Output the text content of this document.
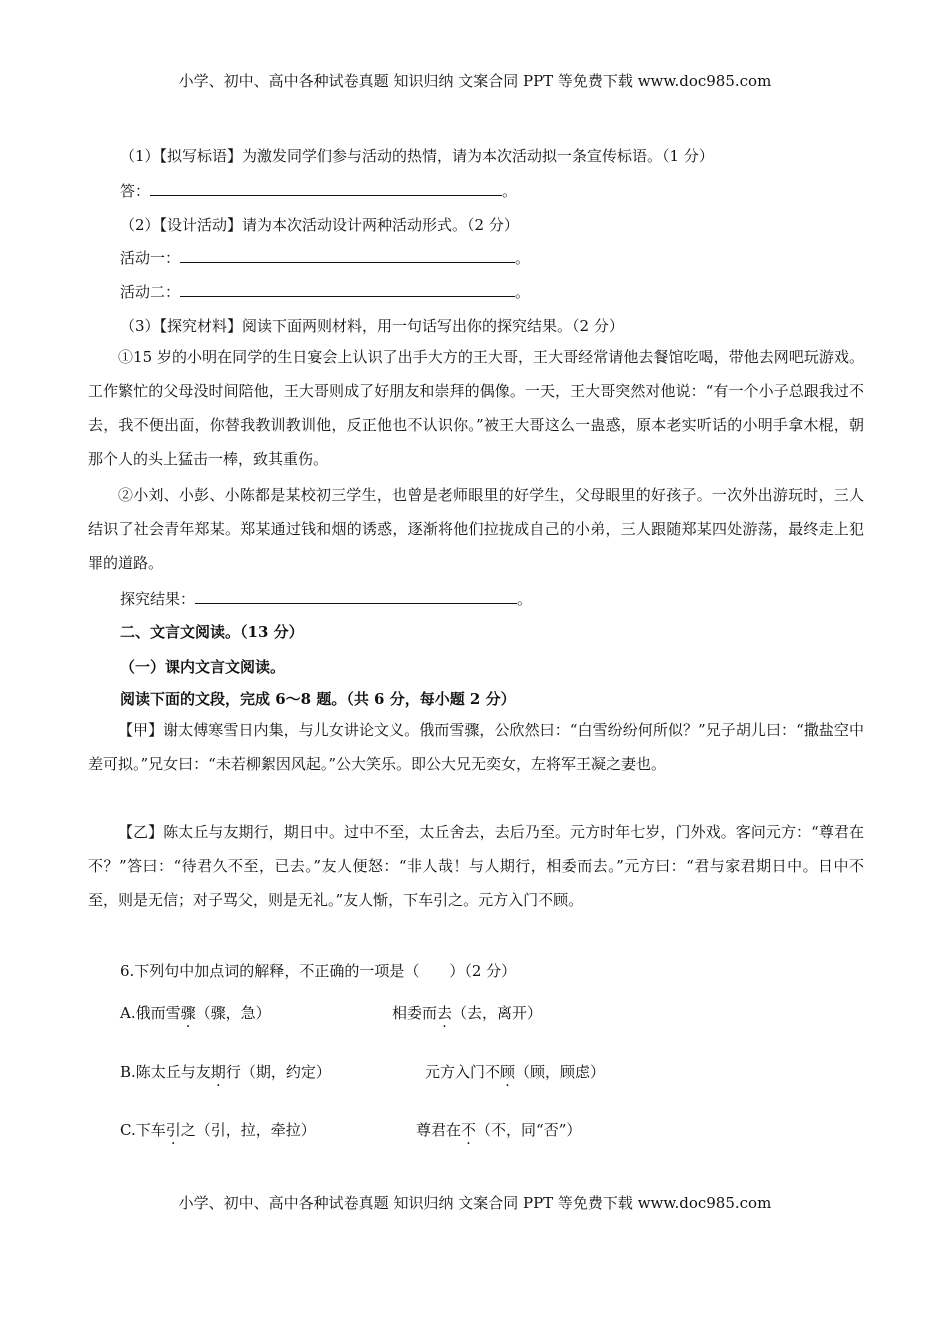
小学、初中、高中各种试卷真题 知识归纳 文案合同 PPT 等免费下载 www.doc985.com
（1）【拟写标语】为激发同学们参与活动的热情，请为本次活动拟一条宣传标语。（1 分）
答：	。
（2）【设计活动】请为本次活动设计两种活动形式。（2 分）
活动一：	。
活动二：	。
（3）【探究材料】阅读下面两则材料，用一句话写出你的探究结果。（2 分）
①15 岁的小明在同学的生日宴会上认识了出手大方的王大哥，王大哥经常请他去餐馆吃喝，带他去网吧玩游戏。工作繁忙的父母没时间陪他，王大哥则成了好朋友和崇拜的偶像。一天，王大哥突然对他说：“有一个小子总跟我过不去，我不便出面，你替我教训教训他，反正他也不认识你。”被王大哥这么一蛊惑，原本老实听话的小明手拿木棍，朝那个人的头上猛击一棒，致其重伤。
②小刘、小彭、小陈都是某校初三学生，也曾是老师眼里的好学生，父母眼里的好孩子。一次外出游玩时，三人结识了社会青年郑某。郑某通过钱和烟的诱惑，逐渐将他们拉拢成自己的小弟，三人跟随郑某四处游荡，最终走上犯罪的道路。
探究结果：	。
二、文言文阅读。（13 分）
（一）课内文言文阅读。
阅读下面的文段，完成 6～8 题。（共 6 分，每小题 2 分）
【甲】谢太傅寒雪日内集，与儿女讲论文义。俄而雪骤，公欣然曰：“白雪纷纷何所似？”兄子胡儿曰：“撒盐空中差可拟。”兄女曰：“未若柳絮因风起。”公大笑乐。即公大兄无奕女，左将军王凝之妻也。
【乙】陈太丘与友期行，期日中。过中不至，太丘舍去，去后乃至。元方时年七岁，门外戏。客问元方：“尊君在不？”答曰：“待君久不至，已去。”友人便怒：“非人哉！与人期行，相委而去。”元方曰：“君与家君期日中。日中不至，则是无信；对子骂父，则是无礼。”友人惭，下车引之。元方入门不顾。
6.下列句中加点词的解释，不正确的一项是（　　）（2 分）
A.俄而雪骤（骤，急）	相委而去（去，离开）
B.陈太丘与友期行（期，约定）	元方入门不顾（顾，顾虑）
C.下车引之（引，拉，牵拉）	尊君在不（不，同“否”）
小学、初中、高中各种试卷真题 知识归纳 文案合同 PPT 等免费下载 www.doc985.com
